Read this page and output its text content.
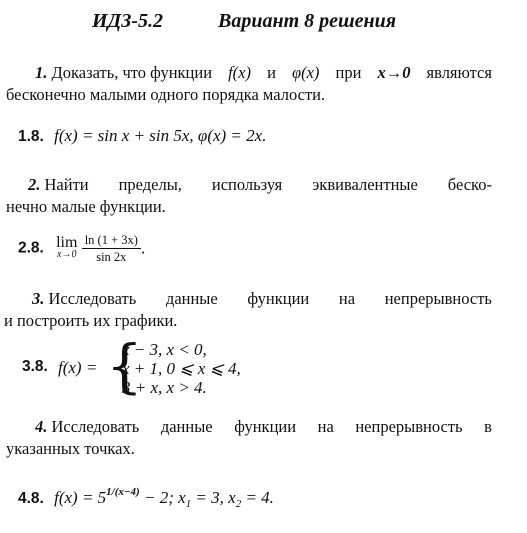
ИДЗ-5.2	Вариант 8 решения
1. Доказать, что функции f(x) и φ(x) при x→0 являются
бесконечно малыми одного порядка малости.
1.8. f(x) = sin x + sin 5x, φ(x) = 2x.
2. Найти пределы, используя эквивалентные беско-
нечно малые функции.
2.8. lim
x→0
$\frac{\ln (1 + 3x)}{\sin 2x}$ .
3. Исследовать данные функции на непрерывность
и построить их графики.
3.8. f(x) = {
x − 3, x < 0,
x + 1, 0 ⩽ x ⩽ 4,
3 + x, x > 4.
4. Исследовать данные функции на непрерывность в
указанных точках.
4.8. $f(x) = 5^{1/(x-4)} - 2$; $x_1 = 3$, $x_2 = 4$.
